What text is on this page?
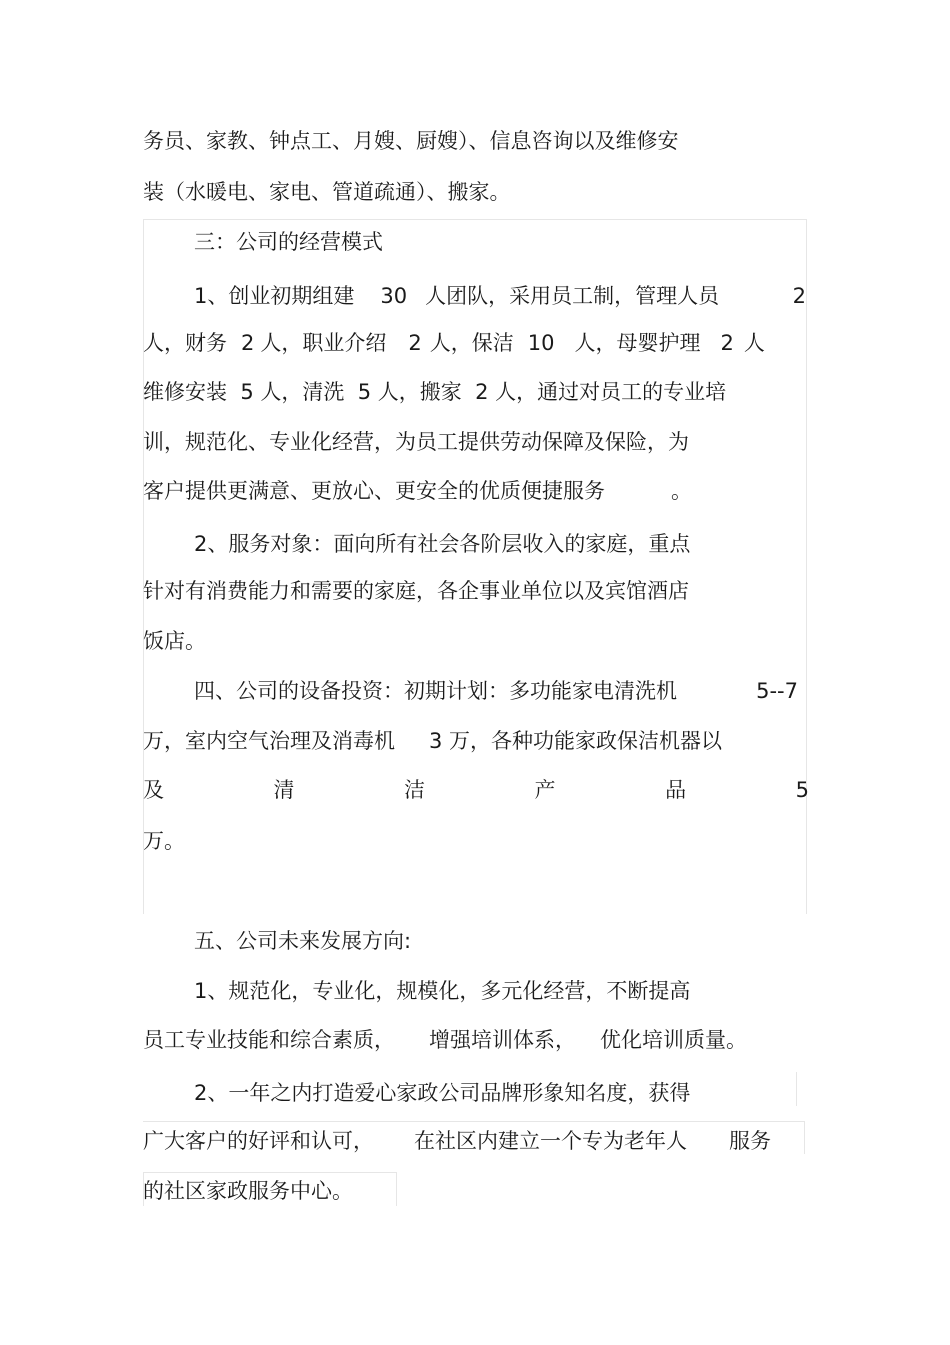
务员、家教、钟点工、月嫂、厨嫂）、信息咨询以及维修安
装（水暖电、家电、管道疏通）、搬家。
三：公司的经营模式
1、创业初期组建 30 人团队，采用员工制，管理人员	2
人，财务 2 人，职业介绍 2 人，保洁 10 人，母婴护理 2 人
维修安装  5 人，清洗  5 人，搬家  2 人，通过对员工的专业培
训，规范化、专业化经营，为员工提供劳动保障及保险，为
客户提供更满意、更放心、更安全的优质便捷服务	。
2、服务对象：面向所有社会各阶层收入的家庭，重点
针对有消费能力和需要的家庭，各企事业单位以及宾馆酒店
饭店。
四、公司的设备投资：初期计划：多功能家电清洗机	5--7
万，室内空气治理及消毒机 3 万，各种功能家政保洁机器以
及	清	洁	产	品	5
万。
五、公司未来发展方向:
1、规范化，专业化，规模化，多元化经营，不断提高
员工专业技能和综合素质， 增强培训体系， 优化培训质量。
2、一年之内打造爱心家政公司品牌形象知名度，获得
广大客户的好评和认可， 在社区内建立一个专为老年人 服务
的社区家政服务中心。
